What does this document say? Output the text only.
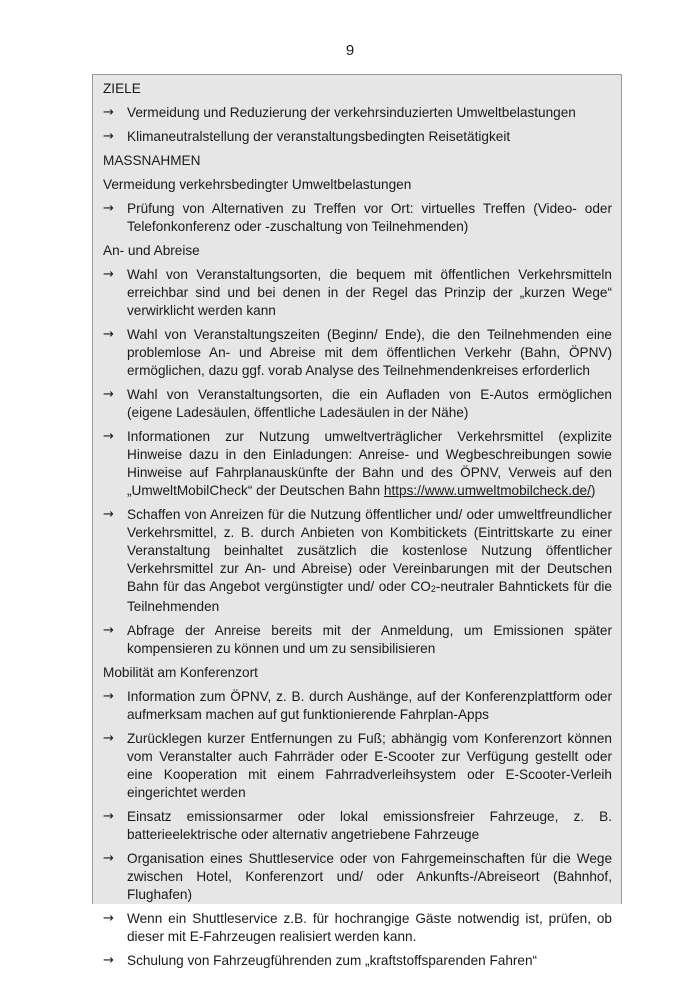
9
ZIELE
→ Vermeidung und Reduzierung der verkehrsinduzierten Umweltbelastungen
→ Klimaneutralstellung der veranstaltungsbedingten Reisetätigkeit
MASSNAHMEN
Vermeidung verkehrsbedingter Umweltbelastungen
→ Prüfung von Alternativen zu Treffen vor Ort: virtuelles Treffen (Video- oder Telefonkonferenz oder -zuschaltung von Teilnehmenden)
An- und Abreise
→ Wahl von Veranstaltungsorten, die bequem mit öffentlichen Verkehrsmitteln erreichbar sind und bei denen in der Regel das Prinzip der „kurzen Wege“ verwirklicht werden kann
→ Wahl von Veranstaltungszeiten (Beginn/ Ende), die den Teilnehmenden eine problemlose An- und Abreise mit dem öffentlichen Verkehr (Bahn, ÖPNV) ermöglichen, dazu ggf. vorab Analyse des Teilnehmendenkreises erforderlich
→ Wahl von Veranstaltungsorten, die ein Aufladen von E-Autos ermöglichen (eigene Ladesäulen, öffentliche Ladesäulen in der Nähe)
→ Informationen zur Nutzung umweltverträglicher Verkehrsmittel (explizite Hinweise dazu in den Einladungen: Anreise- und Wegbeschreibungen sowie Hinweise auf Fahrplanauskünfte der Bahn und des ÖPNV, Verweis auf den „UmweltMobilCheck“ der Deutschen Bahn https://www.umweltmobilcheck.de/)
→ Schaffen von Anreizen für die Nutzung öffentlicher und/ oder umweltfreundlicher Verkehrsmittel, z. B. durch Anbieten von Kombitickets (Eintrittskarte zu einer Veranstaltung beinhaltet zusätzlich die kostenlose Nutzung öffentlicher Verkehrsmittel zur An- und Abreise) oder Vereinbarungen mit der Deutschen Bahn für das Angebot vergünstigter und/ oder $CO_2$-neutraler Bahntickets für die Teilnehmenden
→ Abfrage der Anreise bereits mit der Anmeldung, um Emissionen später kompensieren zu können und um zu sensibilisieren
Mobilität am Konferenzort
→ Information zum ÖPNV, z. B. durch Aushänge, auf der Konferenzplattform oder aufmerksam machen auf gut funktionierende Fahrplan-Apps
→ Zurücklegen kurzer Entfernungen zu Fuß; abhängig vom Konferenzort können vom Veranstalter auch Fahrräder oder E-Scooter zur Verfügung gestellt oder eine Kooperation mit einem Fahrradverleihsystem oder E-Scooter-Verleih eingerichtet werden
→ Einsatz emissionsarmer oder lokal emissionsfreier Fahrzeuge, z. B. batterieelektrische oder alternativ angetriebene Fahrzeuge
→ Organisation eines Shuttleservice oder von Fahrgemeinschaften für die Wege zwischen Hotel, Konferenzort und/ oder Ankunfts-/Abreiseort (Bahnhof, Flughafen)
→ Wenn ein Shuttleservice z.B. für hochrangige Gäste notwendig ist, prüfen, ob dieser mit E-Fahrzeugen realisiert werden kann.
→ Schulung von Fahrzeugführenden zum „kraftstoffsparenden Fahren“
